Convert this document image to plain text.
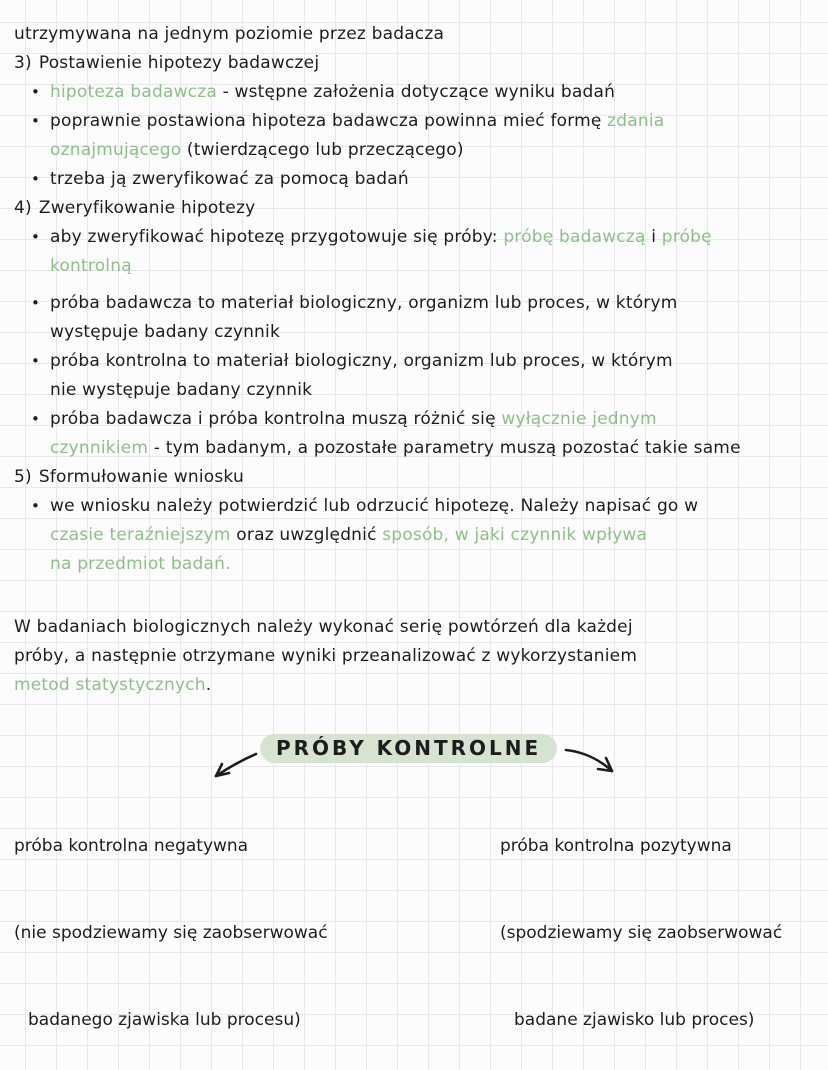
utrzymywana na jednym poziomie przez badacza
3) Postawienie hipotezy badawczej
• hipoteza badawcza - wstępne założenia dotyczące wyniku badań
• poprawnie postawiona hipoteza badawcza powinna mieć formę zdania
oznajmującego (twierdzącego lub przeczącego)
• trzeba ją zweryfikować za pomocą badań
4) Zweryfikowanie hipotezy
• aby zweryfikować hipotezę przygotowuje się próby: próbę badawczą i próbę
kontrolną
• próba badawcza to materiał biologiczny, organizm lub proces, w którym
występuje badany czynnik
• próba kontrolna to materiał biologiczny, organizm lub proces, w którym
nie występuje badany czynnik
• próba badawcza i próba kontrolna muszą różnić się wyłącznie jednym
czynnikiem - tym badanym, a pozostałe parametry muszą pozostać takie same
5) Sformułowanie wniosku
• we wniosku należy potwierdzić lub odrzucić hipotezę. Należy napisać go w
czasie teraźniejszym oraz uwzględnić sposób, w jaki czynnik wpływa
na przedmiot badań.
W badaniach biologicznych należy wykonać serię powtórzeń dla każdej
próby, a następnie otrzymane wyniki przeanalizować z wykorzystaniem
metod statystycznych.
PRÓBY KONTROLNE

próba kontrolna negatywna

(nie spodziewamy się zaobserwować

badanego zjawiska lub procesu)

próba kontrolna pozytywna

(spodziewamy się zaobserwować

badane zjawisko lub proces)
